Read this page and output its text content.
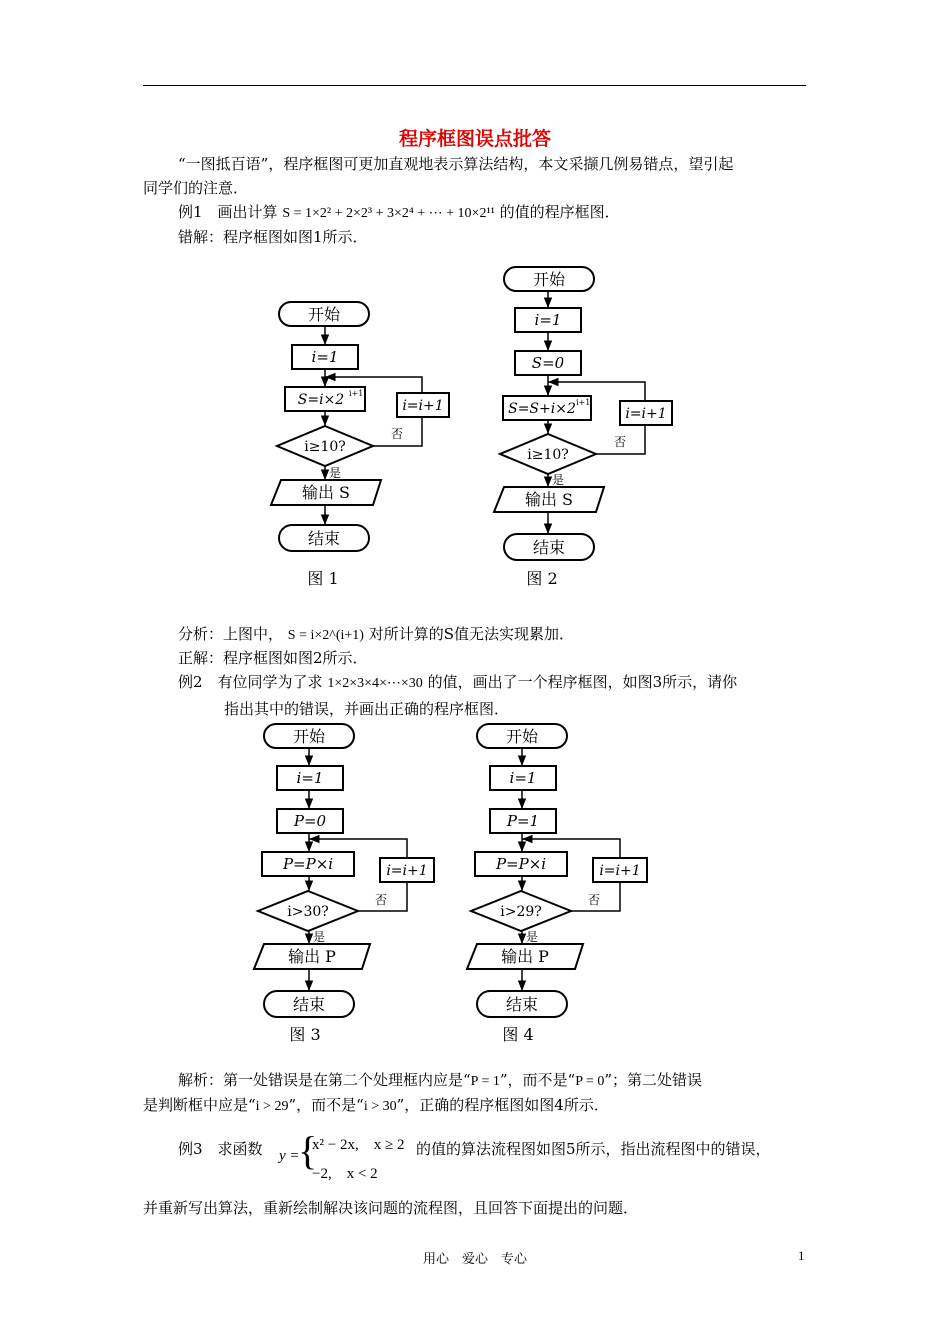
程序框图误点批答
“一图抵百语”，程序框图可更加直观地表示算法结构，本文采撷几例易错点，望引起
同学们的注意．
例1　画出计算 S = 1×2² + 2×2³ + 3×2⁴ + ⋯ + 10×2¹¹ 的值的程序框图．
错解：程序框图如图1所示．
开始
i=1
S=i×2 i+1
i=i+1
i≥10?
否
是
输出 S
结束
图 1
开始
i=1
S=0
S=S+i×2 i+1
i=i+1
i≥10?
否
是
输出 S
结束
图 2
分析：上图中， S = i×2^(i+1) 对所计算的S值无法实现累加．
正解：程序框图如图2所示．
例2　有位同学为了求 1×2×3×4×⋯×30 的值，画出了一个程序框图，如图3所示，请你
指出其中的错误，并画出正确的程序框图．
开始
i=1
P=0
P=P×i	i=i+1
i>30?
否
是
输出 P
结束
图 3
开始
i=1
P=1
P=P×i	i=i+1
i>29?
否
是
输出 P
结束
图 4
解析：第一处错误是在第二个处理框内应是“P = 1”，而不是“P = 0”；第二处错误
是判断框中应是“i > 29”，而不是“i > 30”，正确的程序框图如图4所示．
例3　求函数 y =
{
x² − 2x,　x ≥ 2
−2,　x < 2
的值的算法流程图如图5所示，指出流程图中的错误，
并重新写出算法，重新绘制解决该问题的流程图，且回答下面提出的问题．
用心　爱心　专心	1
